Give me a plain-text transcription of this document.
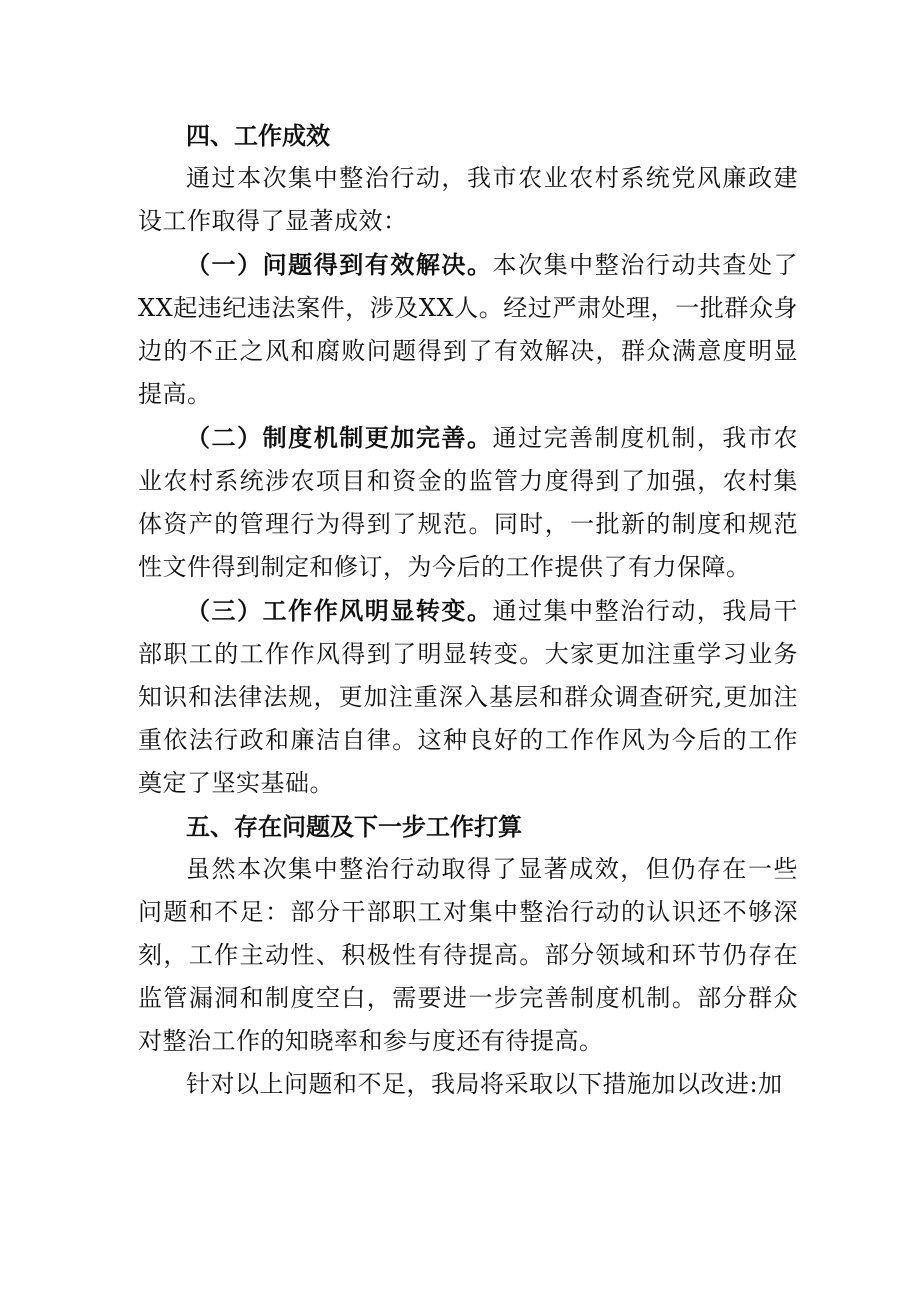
四、工作成效

通过本次集中整治行动，我市农业农村系统党风廉政建设工作取得了显著成效：

（一）问题得到有效解决。本次集中整治行动共查处了XX起违纪违法案件，涉及XX人。经过严肃处理，一批群众身边的不正之风和腐败问题得到了有效解决，群众满意度明显提高。

（二）制度机制更加完善。通过完善制度机制，我市农业农村系统涉农项目和资金的监管力度得到了加强，农村集体资产的管理行为得到了规范。同时，一批新的制度和规范性文件得到制定和修订，为今后的工作提供了有力保障。

（三）工作作风明显转变。通过集中整治行动，我局干部职工的工作作风得到了明显转变。大家更加注重学习业务知识和法律法规，更加注重深入基层和群众调查研究,更加注重依法行政和廉洁自律。这种良好的工作作风为今后的工作奠定了坚实基础。

五、存在问题及下一步工作打算

虽然本次集中整治行动取得了显著成效，但仍存在一些问题和不足：部分干部职工对集中整治行动的认识还不够深刻，工作主动性、积极性有待提高。部分领域和环节仍存在监管漏洞和制度空白，需要进一步完善制度机制。部分群众对整治工作的知晓率和参与度还有待提高。

针对以上问题和不足，我局将采取以下措施加以改进:加
